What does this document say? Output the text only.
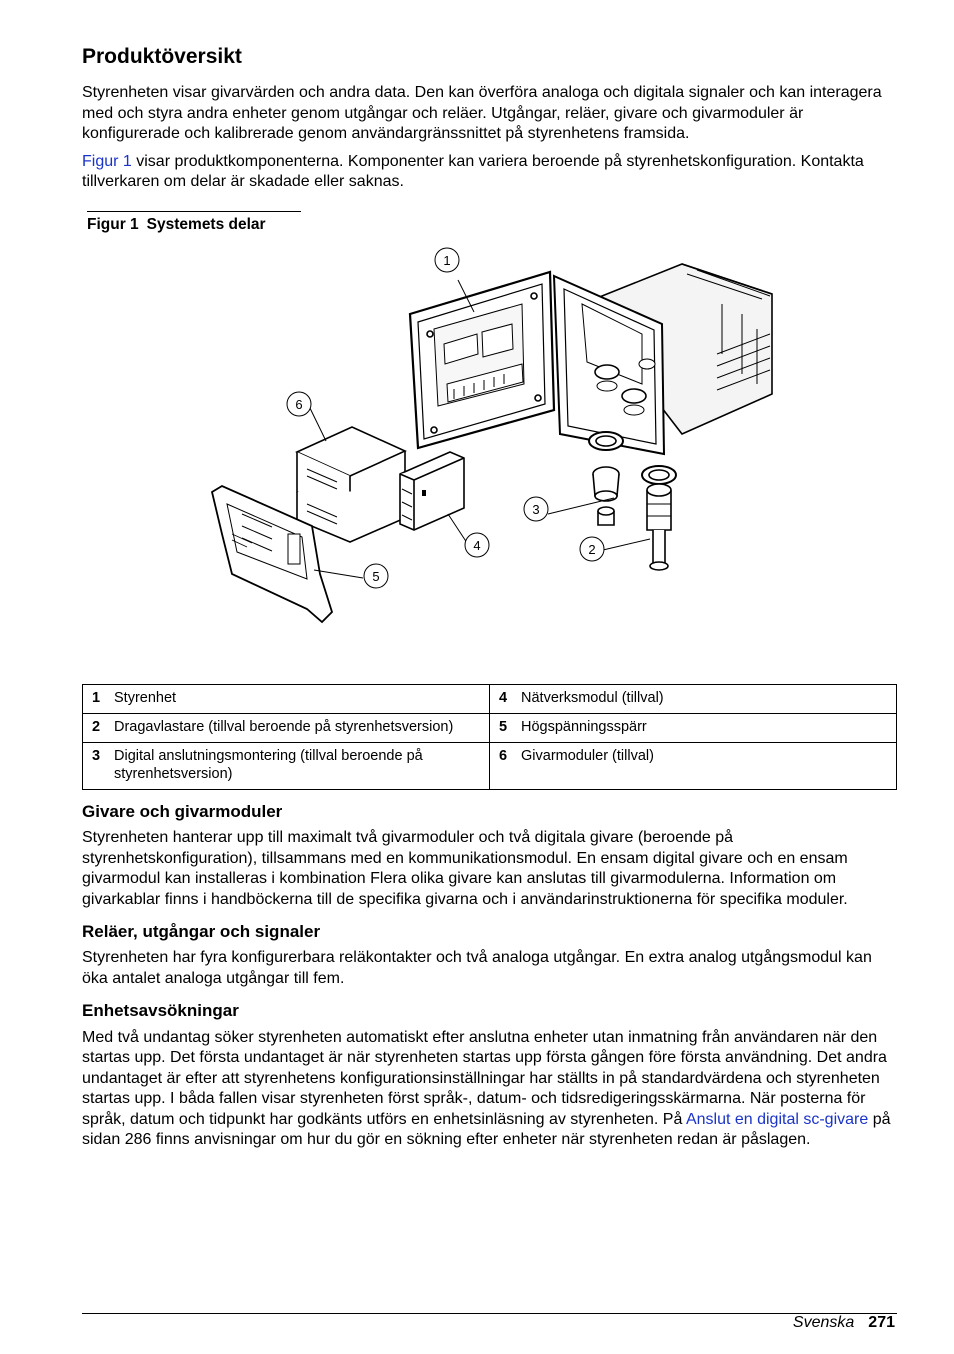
Produktöversikt

Styrenheten visar givarvärden och andra data. Den kan överföra analoga och digitala signaler och kan interagera med och styra andra enheter genom utgångar och reläer. Utgångar, reläer, givare och givarmoduler är konfigurerade och kalibrerade genom användargränssnittet på styrenhetens framsida.

Figur 1 visar produktkomponenterna. Komponenter kan variera beroende på styrenhetskonfiguration. Kontakta tillverkaren om delar är skadade eller saknas.

Figur 1 Systemets delar
1
2
3
4
5
6
1 Styrenhet	4 Nätverksmodul (tillval)

2 Dragavlastare (tillval beroende på styrenhetsversion)	5 Högspänningsspärr

3 Digital anslutningsmontering (tillval beroende på styrenhetsversion)	6 Givarmoduler (tillval)
Givare och givarmoduler

Styrenheten hanterar upp till maximalt två givarmoduler och två digitala givare (beroende på styrenhetskonfiguration), tillsammans med en kommunikationsmodul. En ensam digital givare och en ensam givarmodul kan installeras i kombination Flera olika givare kan anslutas till givarmodulerna. Information om givarkablar finns i handböckerna till de specifika givarna och i användarinstruktionerna för specifika moduler.

Reläer, utgångar och signaler

Styrenheten har fyra konfigurerbara reläkontakter och två analoga utgångar. En extra analog utgångsmodul kan öka antalet analoga utgångar till fem.

Enhetsavsökningar

Med två undantag söker styrenheten automatiskt efter anslutna enheter utan inmatning från användaren när den startas upp. Det första undantaget är när styrenheten startas upp första gången före första användning. Det andra undantaget är efter att styrenhetens konfigurationsinställningar har ställts in på standardvärdena och styrenheten startas upp. I båda fallen visar styrenheten först språk-, datum- och tidsredigeringsskärmarna. När posterna för språk, datum och tidpunkt har godkänts utförs en enhetsinläsning av styrenheten. På Anslut en digital sc-givare på sidan 286 finns anvisningar om hur du gör en sökning efter enheter när styrenheten redan är påslagen.

Svenska 271
